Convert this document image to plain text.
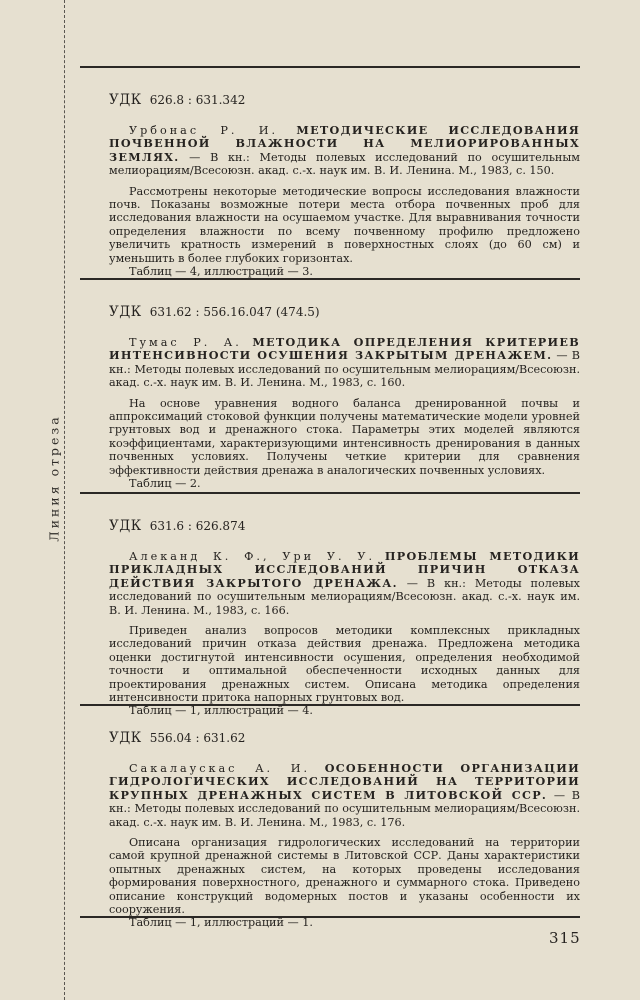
Линия отреза
УДК 626.8 : 631.342

Урбонас Р. И. МЕТОДИЧЕСКИЕ ИССЛЕДОВАНИЯ ПОЧВЕННОЙ ВЛАЖНОСТИ НА МЕЛИОРИРОВАННЫХ ЗЕМЛЯХ. — В кн.: Методы полевых исследований по осушительным мелиорациям/Всесоюзн. акад. с.-х. наук им. В. И. Ленина. М., 1983, с. 150.

Рассмотрены некоторые методические вопросы исследования влажности почв. Показаны возможные потери места отбора почвенных проб для исследования влажности на осушаемом участке. Для выравнивания точности определения влажности по всему почвенному профилю предложено увеличить кратность измерений в поверхностных слоях (до 60 см) и уменьшить в более глубоких горизонтах.

Таблиц — 4, иллюстраций — 3.

УДК 631.62 : 556.16.047 (474.5)

Тумас Р. А. МЕТОДИКА ОПРЕДЕЛЕНИЯ КРИТЕРИЕВ ИНТЕНСИВНОСТИ ОСУШЕНИЯ ЗАКРЫТЫМ ДРЕНАЖЕМ. — В кн.: Методы полевых исследований по осушительным мелиорациям/Всесоюзн. акад. с.-х. наук им. В. И. Ленина. М., 1983, с. 160.

На основе уравнения водного баланса дренированной почвы и аппроксимаций стоковой функции получены математические модели уровней грунтовых вод и дренажного стока. Параметры этих моделей являются коэффициентами, характеризующими интенсивность дренирования в данных почвенных условиях. Получены четкие критерии для сравнения эффективности действия дренажа в аналогических почвенных условиях.

Таблиц — 2.

УДК 631.6 : 626.874

Алеканд К. Ф., Ури У. У. ПРОБЛЕМЫ МЕТОДИКИ ПРИКЛАДНЫХ ИССЛЕДОВАНИЙ ПРИЧИН ОТКАЗА ДЕЙСТВИЯ ЗАКРЫТОГО ДРЕНАЖА. — В кн.: Методы полевых исследований по осушительным мелиорациям/Всесоюзн. акад. с.-х. наук им. В. И. Ленина. М., 1983, с. 166.

Приведен анализ вопросов методики комплексных прикладных исследований причин отказа действия дренажа. Предложена методика оценки достигнутой интенсивности осушения, определения необходимой точности и оптимальной обеспеченности исходных данных для проектирования дренажных систем. Описана методика определения интенсивности притока напорных грунтовых вод.

Таблиц — 1, иллюстраций — 4.

УДК 556.04 : 631.62

Сакалаускас А. И. ОСОБЕННОСТИ ОРГАНИЗАЦИИ ГИДРОЛОГИЧЕСКИХ ИССЛЕДОВАНИЙ НА ТЕРРИТОРИИ КРУПНЫХ ДРЕНАЖНЫХ СИСТЕМ В ЛИТОВСКОЙ ССР. — В кн.: Методы полевых исследований по осушительным мелиорациям/Всесоюзн. акад. с.-х. наук им. В. И. Ленина. М., 1983, с. 176.

Описана организация гидрологических исследований на территории самой крупной дренажной системы в Литовской ССР. Даны характеристики опытных дренажных систем, на которых проведены исследования формирования поверхностного, дренажного и суммарного стока. Приведено описание конструкций водомерных постов и указаны особенности их сооружения.

Таблиц — 1, иллюстраций — 1.

315
